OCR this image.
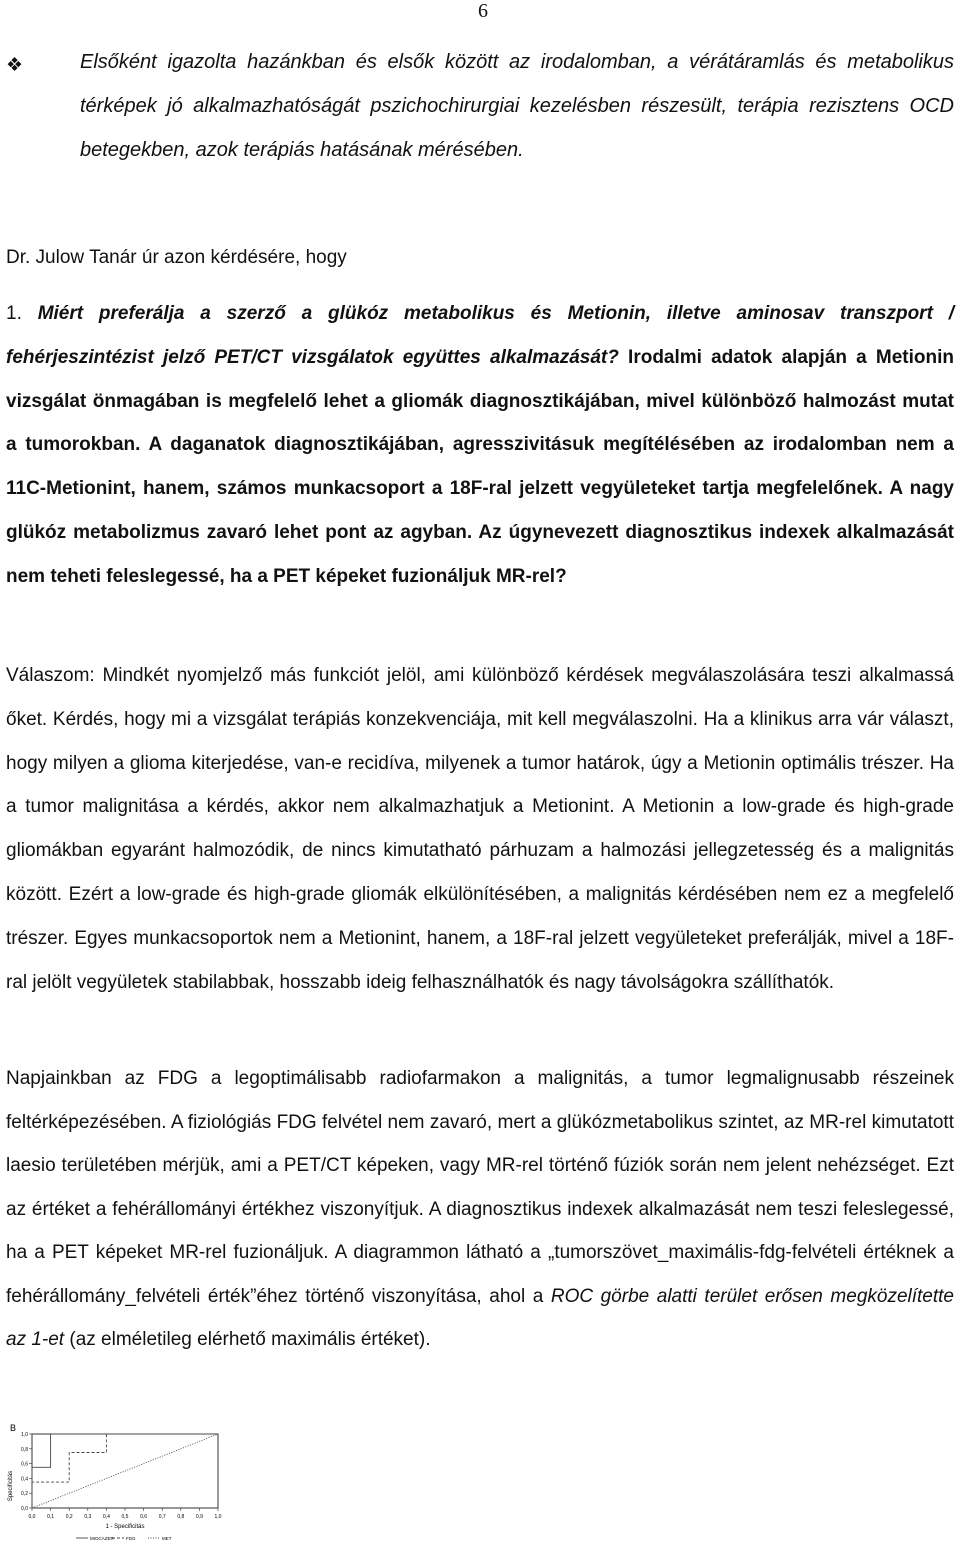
6
❖	Elsőként igazolta hazánkban és elsők között az irodalomban, a vérátáramlás és metabolikus térképek jó alkalmazhatóságát pszichochirurgiai kezelésben részesült, terápia rezisztens OCD betegekben, azok terápiás hatásának mérésében.

Dr. Julow Tanár úr azon kérdésére, hogy

1. Miért preferálja a szerző a glükóz metabolikus és Metionin, illetve aminosav transzport / fehérjeszintézist jelző PET/CT vizsgálatok együttes alkalmazását? Irodalmi adatok alapján a Metionin vizsgálat önmagában is megfelelő lehet a gliomák diagnosztikájában, mivel különböző halmozást mutat a tumorokban. A daganatok diagnosztikájában, agresszivitásuk megítélésében az irodalomban nem a 11C-Metionint, hanem, számos munkacsoport a 18F-ral jelzett vegyületeket tartja megfelelőnek. A nagy glükóz metabolizmus zavaró lehet pont az agyban. Az úgynevezett diagnosztikus indexek alkalmazását nem teheti feleslegessé, ha a PET képeket fuzionáljuk MR-rel?

Válaszom: Mindkét nyomjelző más funkciót jelöl, ami különböző kérdések megválaszolására teszi alkalmassá őket. Kérdés, hogy mi a vizsgálat terápiás konzekvenciája, mit kell megválaszolni. Ha a klinikus arra vár választ, hogy milyen a glioma kiterjedése, van-e recidíva, milyenek a tumor határok, úgy a Metionin optimális trészer. Ha a tumor malignitása a kérdés, akkor nem alkalmazhatjuk a Metionint. A Metionin a low-grade és high-grade gliomákban egyaránt halmozódik, de nincs kimutatható párhuzam a halmozási jellegzetesség és a malignitás között. Ezért a low-grade és high-grade gliomák elkülönítésében, a malignitás kérdésében nem ez a megfelelő trészer. Egyes munkacsoportok nem a Metionint, hanem, a 18F-ral jelzett vegyületeket preferálják, mivel a 18F-ral jelölt vegyületek stabilabbak, hosszabb ideig felhasználhatók és nagy távolságokra szállíthatók.

Napjainkban az FDG a legoptimálisabb radiofarmakon a malignitás, a tumor legmalignusabb részeinek feltérképezésében. A fiziológiás FDG felvétel nem zavaró, mert a glükózmetabolikus szintet, az MR-rel kimutatott laesio területében mérjük, ami a PET/CT képeken, vagy MR-rel történő fúziók során nem jelent nehézséget. Ezt az értéket a fehérállományi értékhez viszonyítjuk. A diagnosztikus indexek alkalmazását nem teszi feleslegessé, ha a PET képeket MR-rel fuzionáljuk. A diagrammon látható a „tumorszövet_maximális-fdg-felvételi értéknek a fehérállomány_felvételi érték”éhez történő viszonyítása, ahol a ROC görbe alatti terület erősen megközelítette az 1-et (az elméletileg elérhető maximális értéket).

B
Specificitás
0,0
0,2
0,4
0,6
0,8
1,0
0,0 0,1 0,2 0,3 0,4 0,5 0,6 0,7 0,8 0,9 1,0
1 - Specificitás
MIOCAZER	FDG	MET
